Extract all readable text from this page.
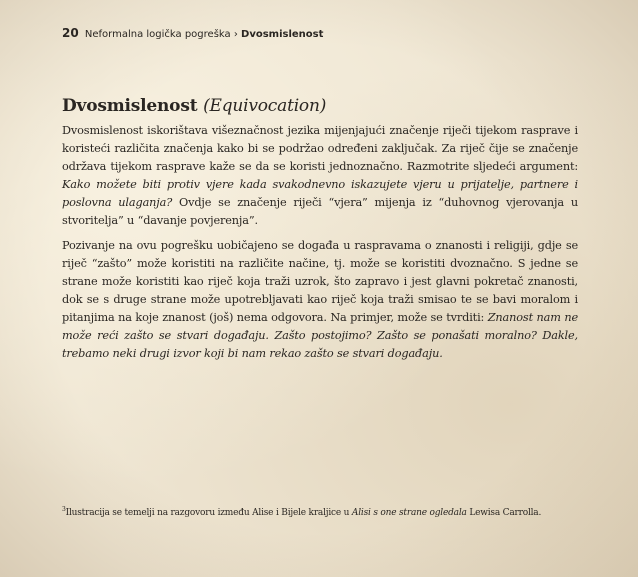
20 Neformalna logička pogreška › Dvosmislenost
Dvosmislenost (Equivocation)

Dvosmislenost iskorištava višeznačnost jezika mijenjajući značenje riječi tijekom rasprave i koristeći različita značenja kako bi se podržao određeni zaključak. Za riječ čije se značenje održava tijekom rasprave kaže se da se koristi jednoznačno. Razmotrite sljedeći argument: Kako možete biti protiv vjere kada svakodnevno iskazujete vjeru u prijatelje, partnere i poslovna ulaganja? Ovdje se značenje riječi “vjera” mijenja iz “duhovnog vjerovanja u stvoritelja” u “davanje povjerenja”.

Pozivanje na ovu pogrešku uobičajeno se događa u raspravama o znanosti i religiji, gdje se riječ “zašto” može koristiti na različite načine, tj. može se koristiti dvoznačno. S jedne se strane može koristiti kao riječ koja traži uzrok, što zapravo i jest glavni pokretač znanosti, dok se s druge strane može upotrebljavati kao riječ koja traži smisao te se bavi moralom i pitanjima na koje znanost (još) nema odgovora. Na primjer, može se tvrditi: Znanost nam ne može reći zašto se stvari događaju. Zašto postojimo? Zašto se ponašati moralno? Dakle, trebamo neki drugi izvor koji bi nam rekao zašto se stvari događaju.

$^3$Ilustracija se temelji na razgovoru između Alise i Bijele kraljice u Alisi s one strane ogledala Lewisa Carrolla.
